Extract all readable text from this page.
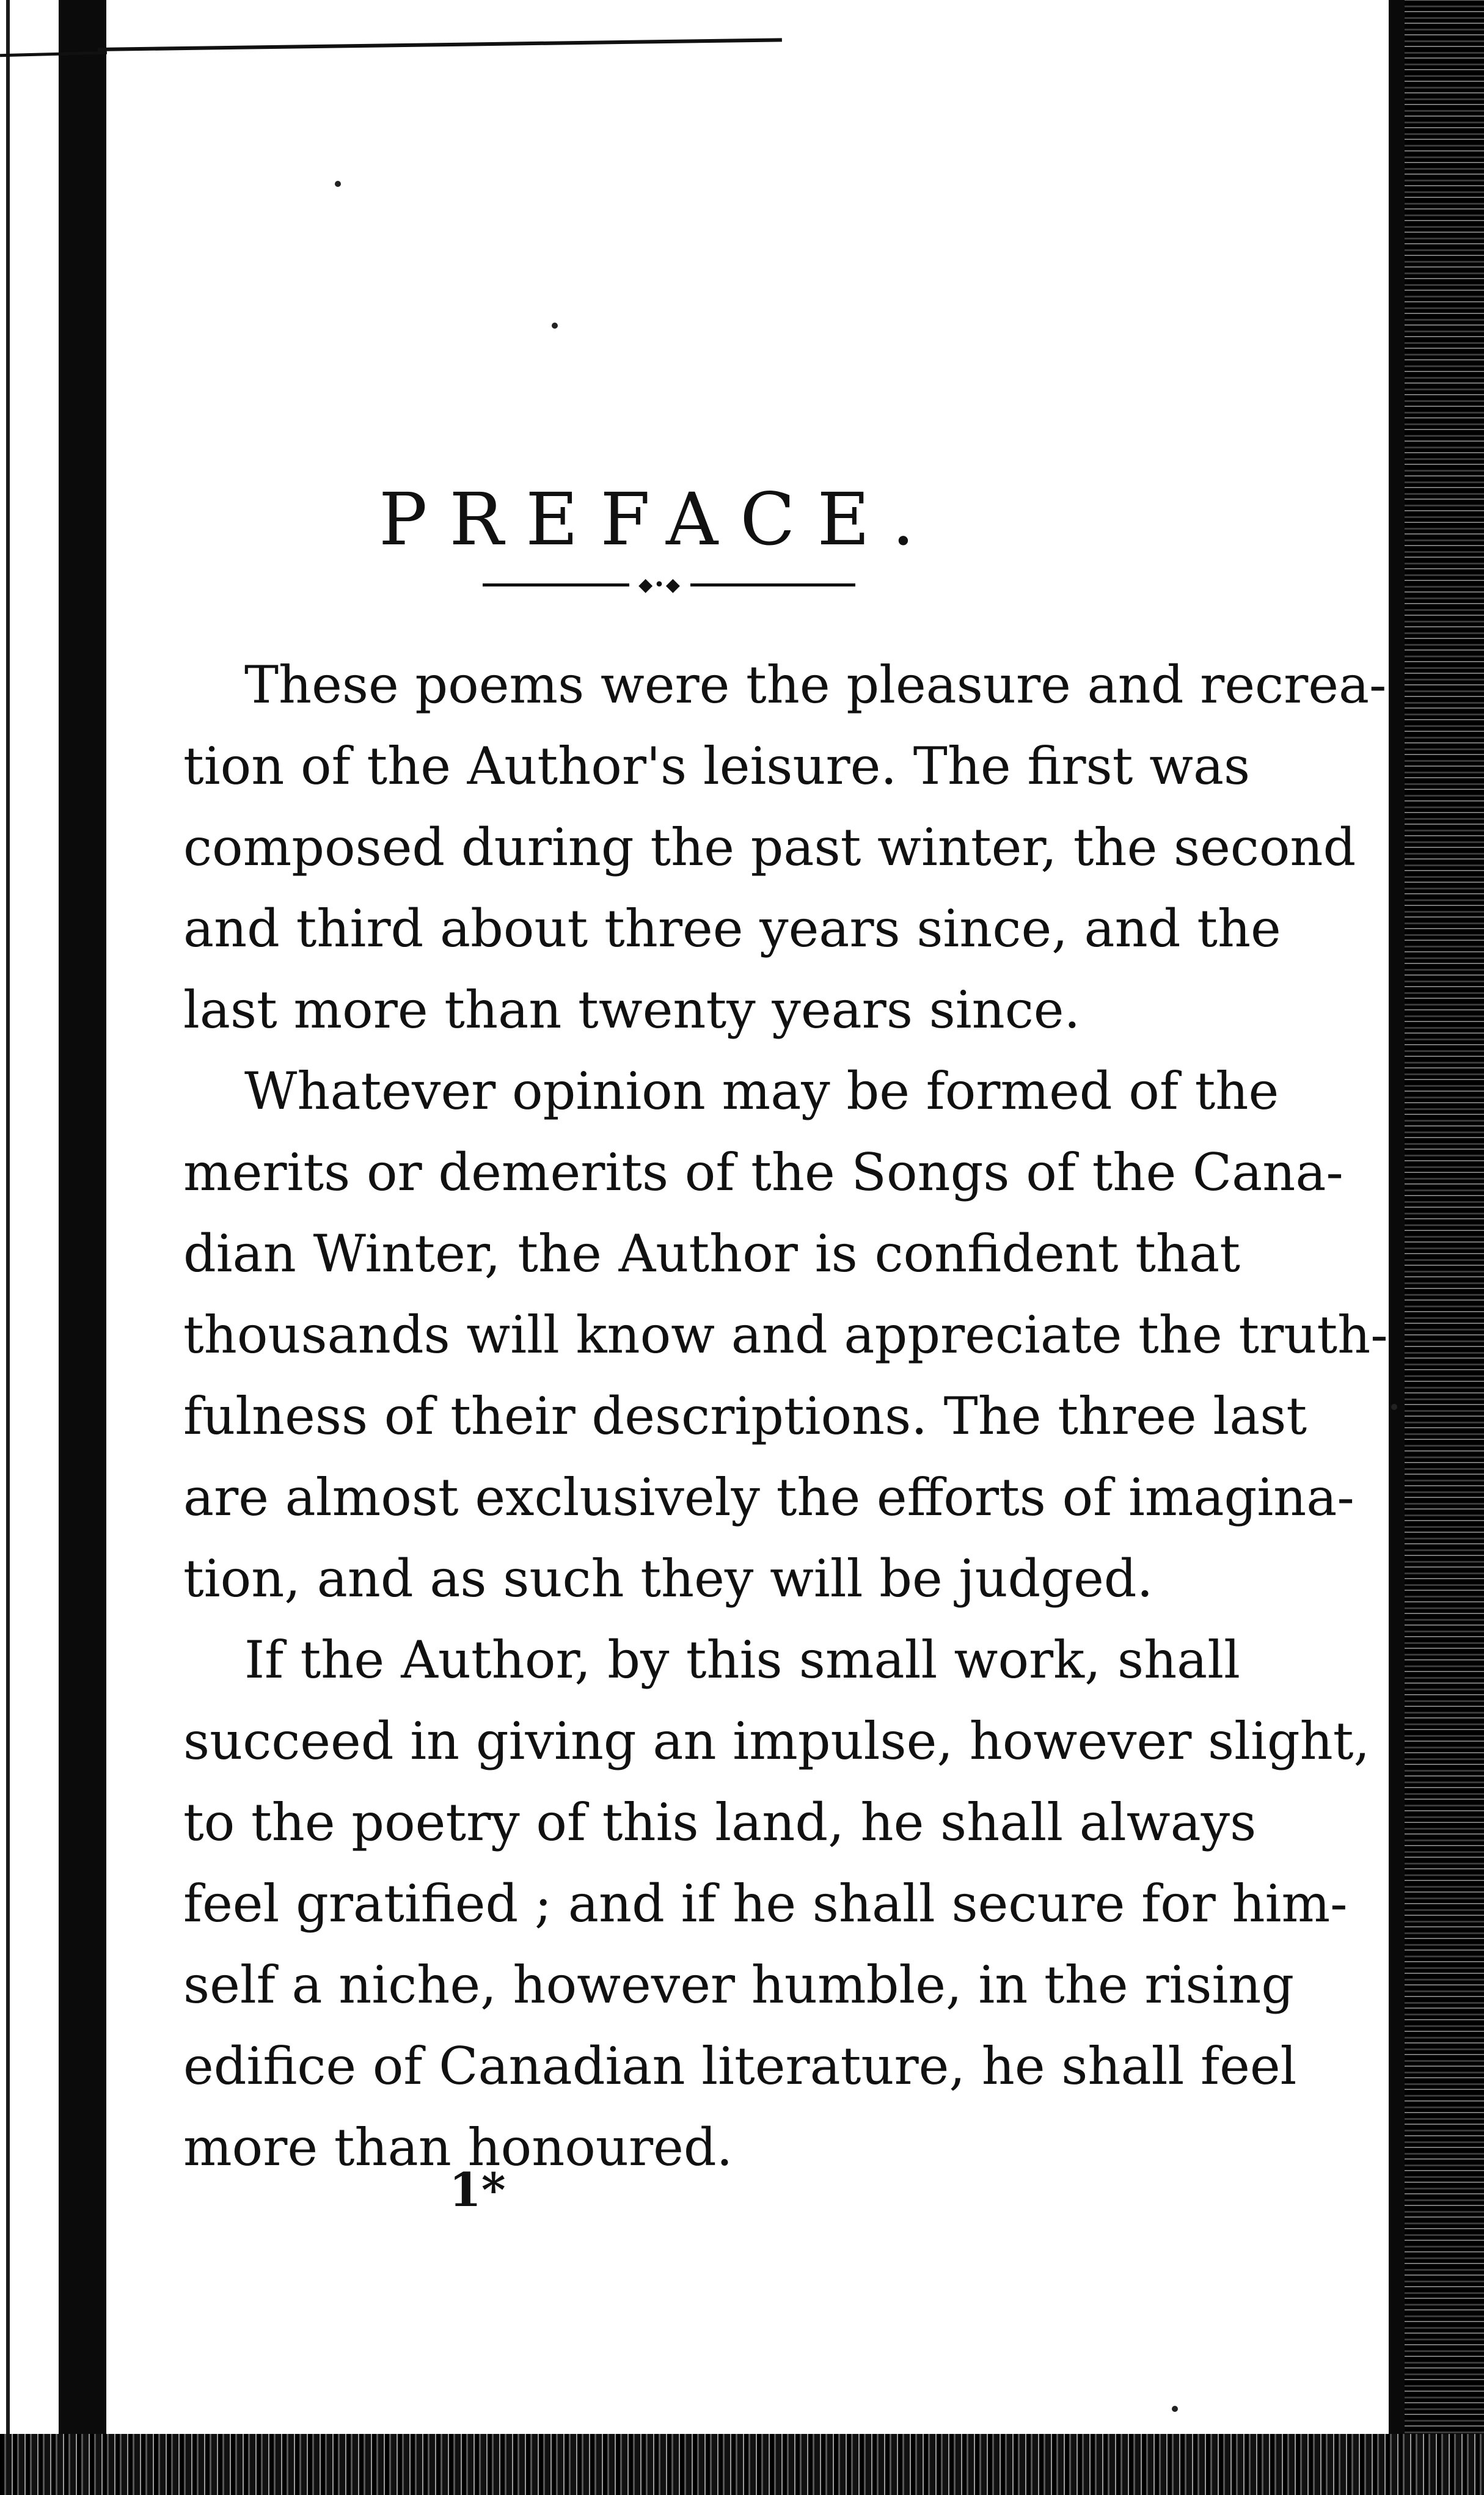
PREFACE.
◆•◆
These poems were the pleasure and recrea-
tion of the Author's leisure. The first was
composed during the past winter, the second
and third about three years since, and the
last more than twenty years since.
Whatever opinion may be formed of the
merits or demerits of the Songs of the Cana-
dian Winter, the Author is confident that
thousands will know and appreciate the truth-
fulness of their descriptions. The three last
are almost exclusively the efforts of imagina-
tion, and as such they will be judged.
If the Author, by this small work, shall
succeed in giving an impulse, however slight,
to the poetry of this land, he shall always
feel gratified ; and if he shall secure for him-
self a niche, however humble, in the rising
edifice of Canadian literature, he shall feel
more than honoured.
1*
